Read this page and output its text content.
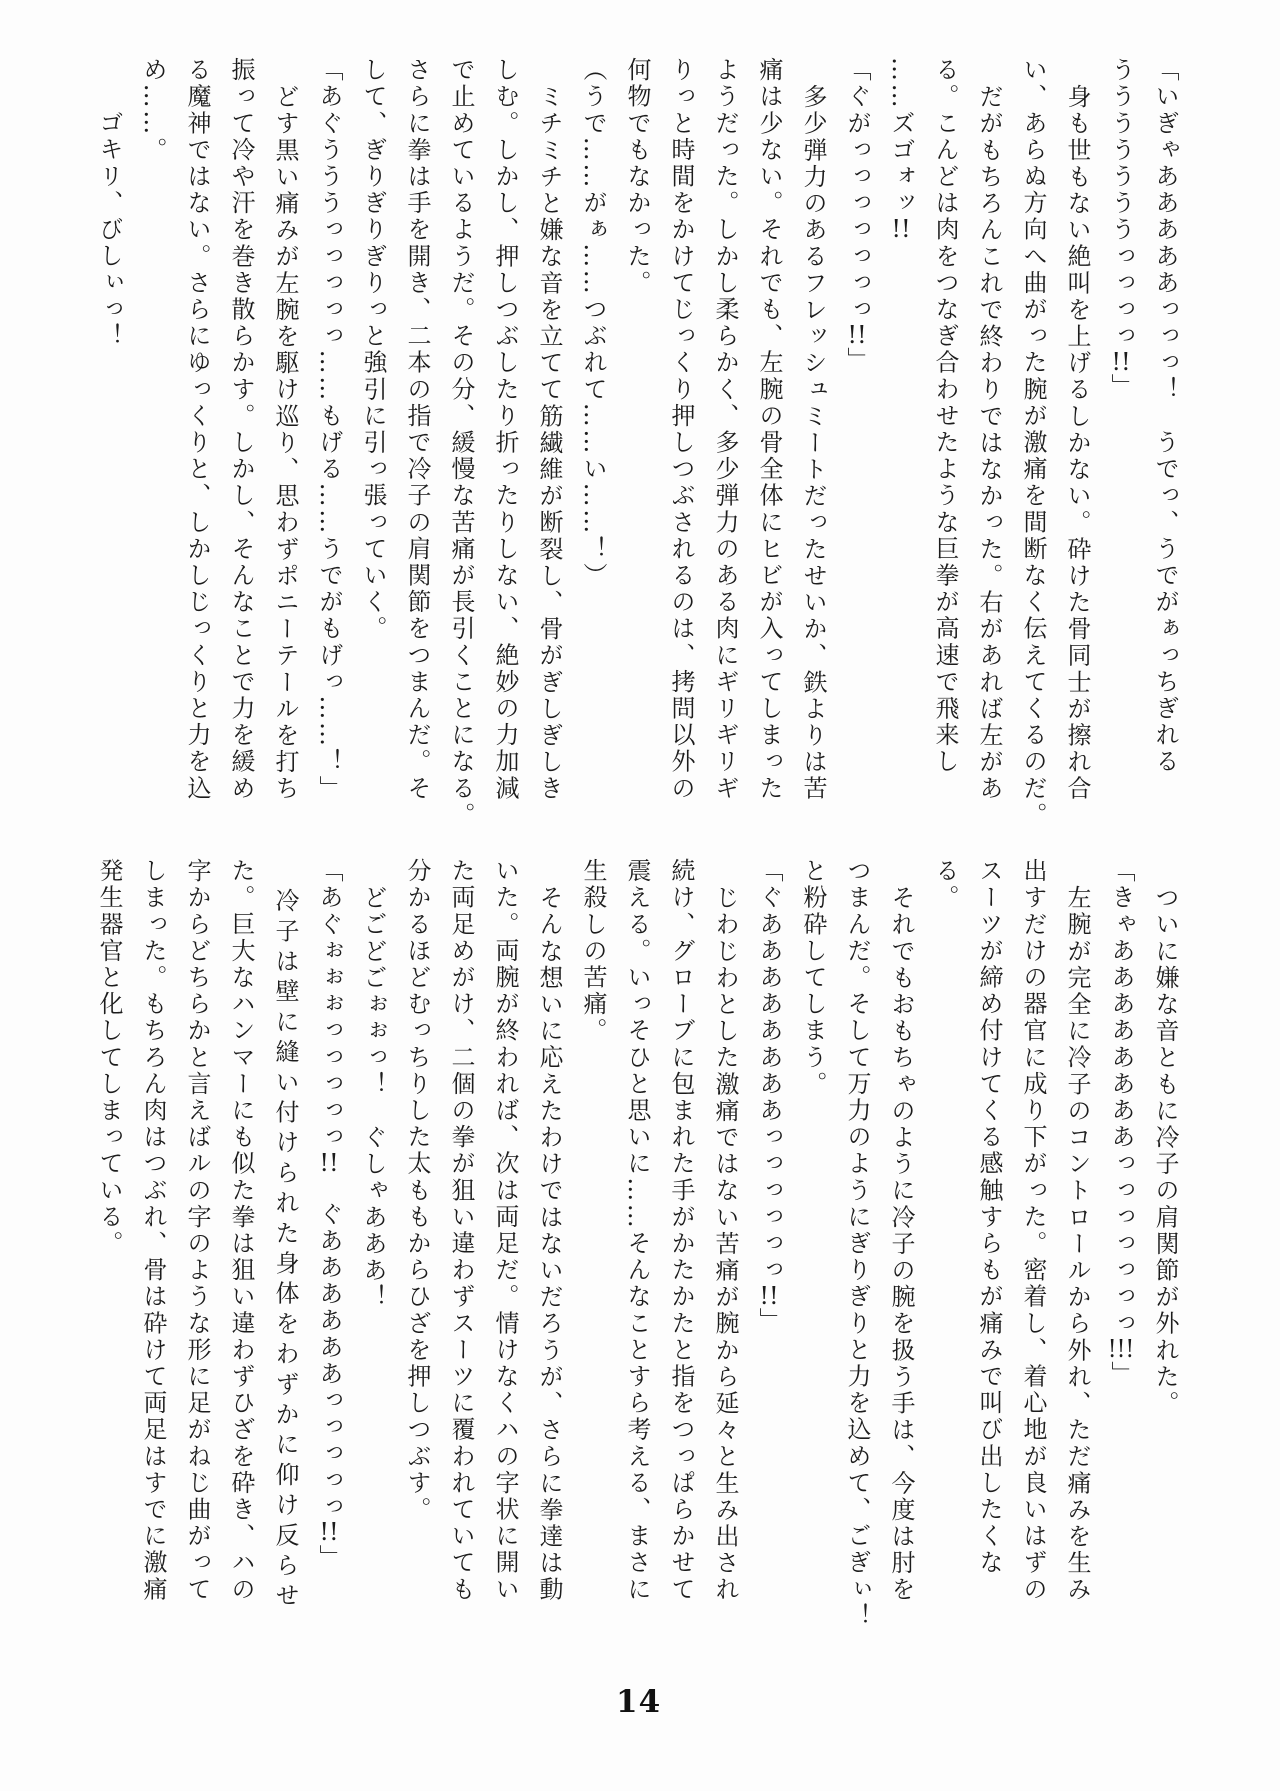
「いぎゃあああああっっっ！　うでっ、うでがぁっちぎれる

うううううううっっっっ!!」

身も世もない絶叫を上げるしかない。砕けた骨同士が擦れ合

い、あらぬ方向へ曲がった腕が激痛を間断なく伝えてくるのだ。

だがもちろんこれで終わりではなかった。右があれば左があ

る。こんどは肉をつなぎ合わせたような巨拳が高速で飛来し

……ズゴォッ!!

「ぐがっっっっっっっ!!」

多少弾力のあるフレッシュミートだったせいか、鉄よりは苦

痛は少ない。それでも、左腕の骨全体にヒビが入ってしまった

ようだった。しかし柔らかく、多少弾力のある肉にギリギリギ

りっと時間をかけてじっくり押しつぶされるのは、拷問以外の

何物でもなかった。

（うで……がぁ……つぶれて……い……！）

ミチミチと嫌な音を立てて筋繊維が断裂し、骨がぎしぎしき

しむ。しかし、押しつぶしたり折ったりしない、絶妙の力加減

で止めているようだ。その分、緩慢な苦痛が長引くことになる。

さらに拳は手を開き、二本の指で冷子の肩関節をつまんだ。そ

して、ぎりぎりぎりっと強引に引っ張っていく。

「あぐうううっっっっっ……もげる……うでがもげっ……！」

どす黒い痛みが左腕を駆け巡り、思わずポニーテールを打ち

振って冷や汗を巻き散らかす。しかし、そんなことで力を緩め

る魔神ではない。さらにゆっくりと、しかしじっくりと力を込

め……。

ゴキリ、びしぃっ！

ついに嫌な音ともに冷子の肩関節が外れた。

「きゃああああああああっっっっっっっ!!!」

左腕が完全に冷子のコントロールから外れ、ただ痛みを生み

出すだけの器官に成り下がった。密着し、着心地が良いはずの

スーツが締め付けてくる感触すらもが痛みで叫び出したくな

る。

それでもおもちゃのように冷子の腕を扱う手は、今度は肘を

つまんだ。そして万力のようにぎりぎりと力を込めて、ごぎぃ！

と粉砕してしまう。

「ぐああああああああっっっっっっ!!」

じわじわとした激痛ではない苦痛が腕から延々と生み出され

続け、グローブに包まれた手がかたかたと指をつっぱらかせて

震える。いっそひと思いに……そんなことすら考える、まさに

生殺しの苦痛。

そんな想いに応えたわけではないだろうが、さらに拳達は動

いた。両腕が終われば、次は両足だ。情けなくハの字状に開い

た両足めがけ、二個の拳が狙い違わずスーツに覆われていても

分かるほどむっちりした太ももからひざを押しつぶす。

どごどごぉぉっ！　ぐしゃあああ！

「あぐぉぉぉっっっっっ!!　ぐああああああっっっっっ!!」

冷子は壁に縫い付けられた身体をわずかに仰け反らせ

た。巨大なハンマーにも似た拳は狙い違わずひざを砕き、ハの

字からどちらかと言えばルの字のような形に足がねじ曲がって

しまった。もちろん肉はつぶれ、骨は砕けて両足はすでに激痛

発生器官と化してしまっている。

14
